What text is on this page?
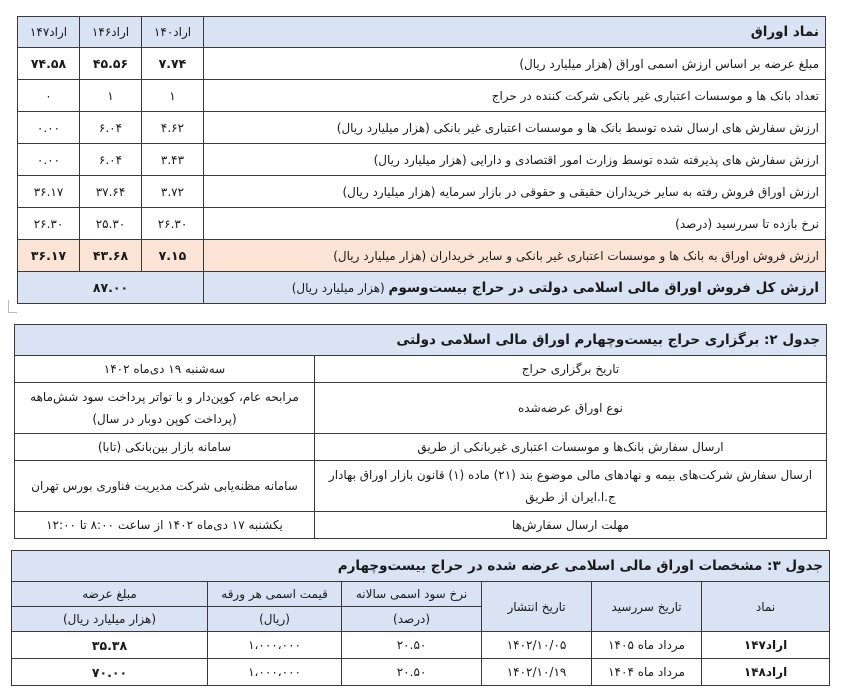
نماد اوراق	اراد۱۴۰	اراد۱۴۶	اراد۱۴۷
مبلغ عرضه بر اساس ارزش اسمی اوراق (هزار میلیارد ریال)	۷.۷۴	۴۵.۵۶	۷۴.۵۸
تعداد بانک ها و موسسات اعتباری غیر بانکی شرکت کننده در حراج	۱	۱	۰
ارزش سفارش های ارسال شده توسط بانک ها و موسسات اعتباری غیر بانکی (هزار میلیارد ریال)	۴.۶۲	۶.۰۴	۰.۰۰
ارزش سفارش های پذیرفته شده توسط وزارت امور اقتصادی و دارایی (هزار میلیارد ریال)	۳.۴۳	۶.۰۴	۰.۰۰
ارزش اوراق فروش رفته به سایر خریداران حقیقی و حقوقی در بازار سرمایه (هزار میلیارد ریال)	۳.۷۲	۳۷.۶۴	۳۶.۱۷
نرخ بازده تا سررسید (درصد)	۲۶.۳۰	۲۵.۳۰	۲۶.۳۰
ارزش فروش اوراق به بانک ها و موسسات اعتباری غیر بانکی و سایر خریداران (هزار میلیارد ریال)	۷.۱۵	۴۳.۶۸	۳۶.۱۷
ارزش کل فروش اوراق مالی اسلامی دولتی در حراج بیست‌وسوم (هزار میلیارد ریال)	۸۷.۰۰		
جدول ۲: برگزاری حراج بیست‌وچهارم اوراق مالی اسلامی دولتی	
تاریخ برگزاری حراج	سه‌شنبه ۱۹ دی‌ماه ۱۴۰۲
نوع اوراق عرضه‌شده	مرابحه عام، کوپن‌دار و با تواتر پرداخت سود شش‌ماهه (پرداخت کوپن دوبار در سال)
ارسال سفارش بانک‌ها و موسسات اعتباری غیربانکی از طریق	سامانه بازار بین‌بانکی (تابا)
ارسال سفارش شرکت‌های بیمه و نهادهای مالی موضوع بند (۲۱) ماده (۱) قانون بازار اوراق بهادار ج.ا.ایران از طریق	سامانه مظنه‌یابی شرکت مدیریت فناوری بورس تهران
مهلت ارسال سفارش‌ها	یکشنبه ۱۷ دی‌ماه ۱۴۰۲ از ساعت ۸:۰۰ تا ۱۲:۰۰
جدول ۳: مشخصات اوراق مالی اسلامی عرضه شده در حراج بیست‌وچهارم					
نماد	تاریخ سررسید	تاریخ انتشار	نرخ سود اسمی سالانه	قیمت اسمی هر ورقه	مبلغ عرضه
			(درصد)	(ریال)	(هزار میلیارد ریال)
اراد۱۴۷	مرداد ماه ۱۴۰۵	۱۴۰۲/۱۰/۰۵	۲۰.۵۰	۱،۰۰۰،۰۰۰	۳۵.۳۸
اراد۱۴۸	مرداد ماه ۱۴۰۴	۱۴۰۲/۱۰/۱۹	۲۰.۵۰	۱،۰۰۰،۰۰۰	۷۰.۰۰
